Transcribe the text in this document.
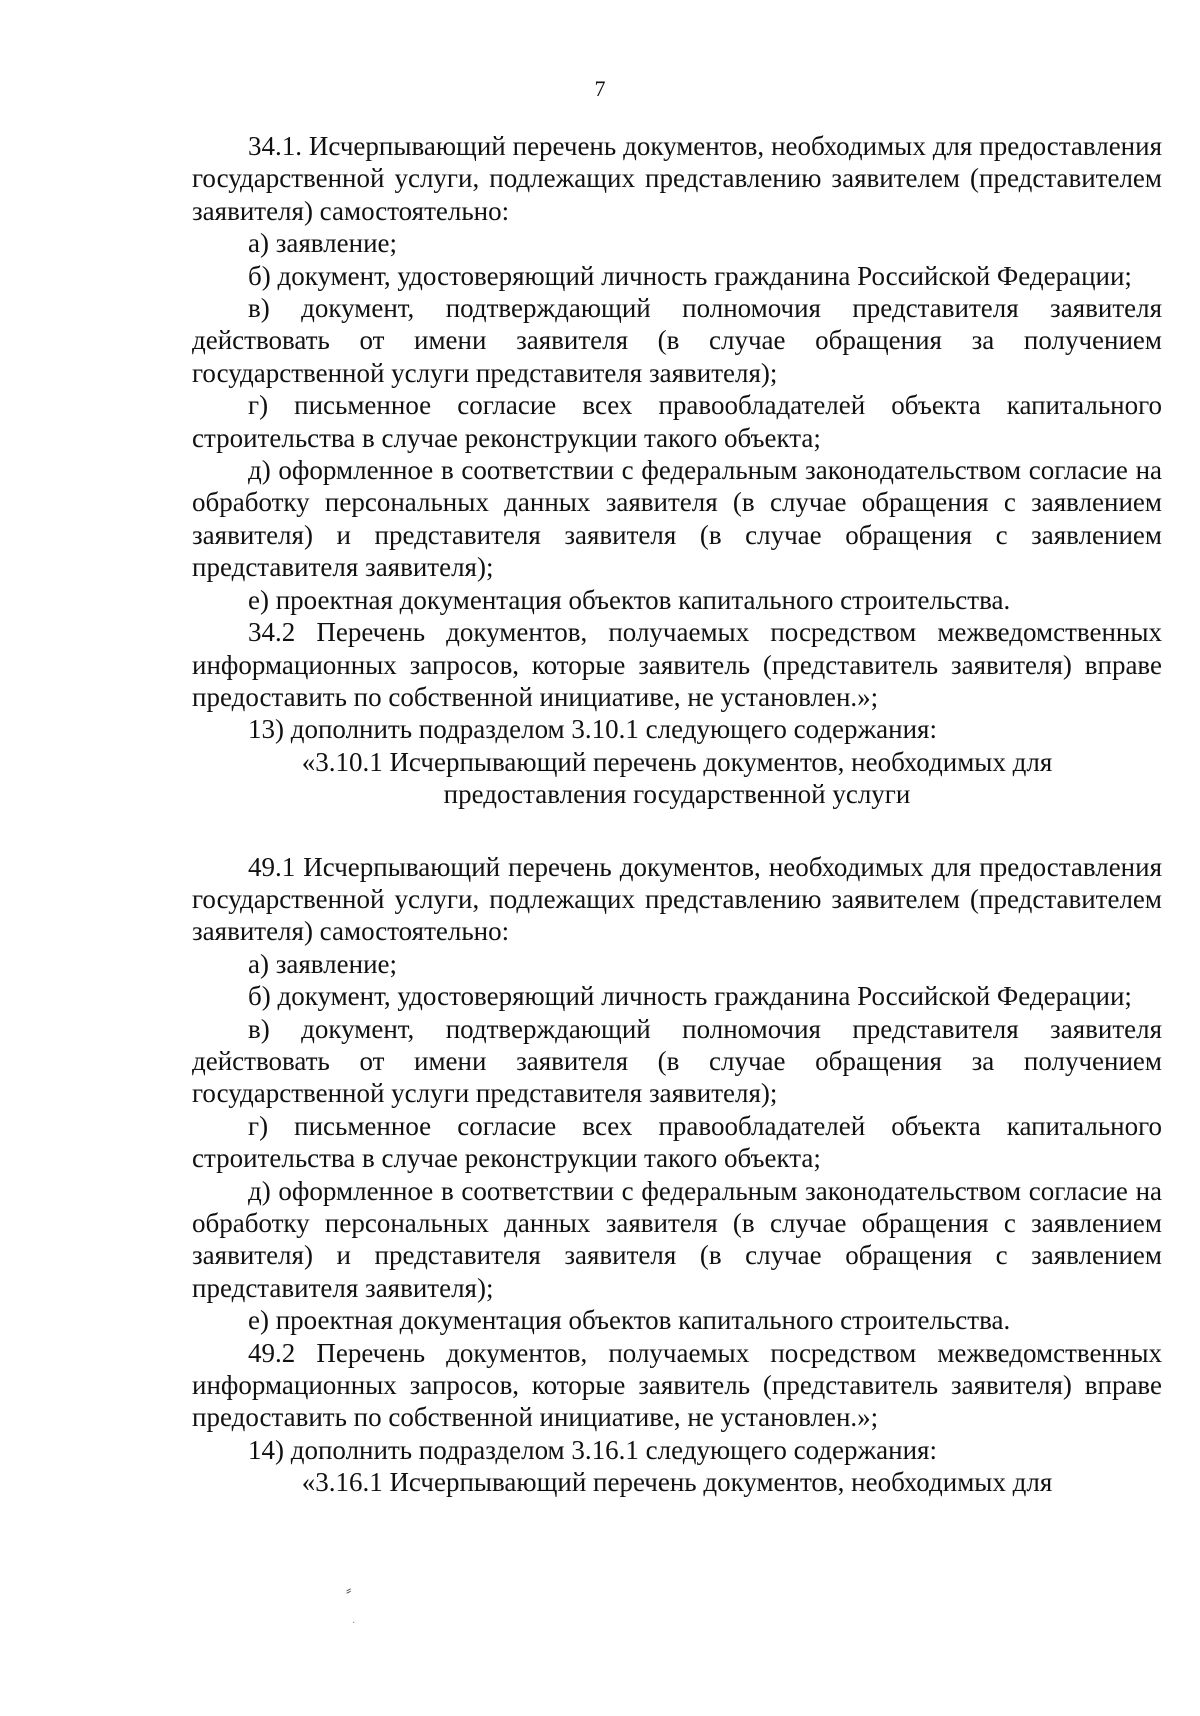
7

34.1. Исчерпывающий перечень документов, необходимых для предоставления государственной услуги, подлежащих представлению заявителем (представителем заявителя) самостоятельно:

а) заявление;

б) документ, удостоверяющий личность гражданина Российской Федерации;

в) документ, подтверждающий полномочия представителя заявителя действовать от имени заявителя (в случае обращения за получением государственной услуги представителя заявителя);

г) письменное согласие всех правообладателей объекта капитального строительства в случае реконструкции такого объекта;

д) оформленное в соответствии с федеральным законодательством согласие на обработку персональных данных заявителя (в случае обращения с заявлением заявителя) и представителя заявителя (в случае обращения с заявлением представителя заявителя);

е) проектная документация объектов капитального строительства.

34.2 Перечень документов, получаемых посредством межведомственных информационных запросов, которые заявитель (представитель заявителя) вправе предоставить по собственной инициативе, не установлен.»;

13) дополнить подразделом 3.10.1 следующего содержания:

«3.10.1 Исчерпывающий перечень документов, необходимых для предоставления государственной услуги

49.1 Исчерпывающий перечень документов, необходимых для предоставления государственной услуги, подлежащих представлению заявителем (представителем заявителя) самостоятельно:

а) заявление;

б) документ, удостоверяющий личность гражданина Российской Федерации;

в) документ, подтверждающий полномочия представителя заявителя действовать от имени заявителя (в случае обращения за получением государственной услуги представителя заявителя);

г) письменное согласие всех правообладателей объекта капитального строительства в случае реконструкции такого объекта;

д) оформленное в соответствии с федеральным законодательством согласие на обработку персональных данных заявителя (в случае обращения с заявлением заявителя) и представителя заявителя (в случае обращения с заявлением представителя заявителя);

е) проектная документация объектов капитального строительства.

49.2 Перечень документов, получаемых посредством межведомственных информационных запросов, которые заявитель (представитель заявителя) вправе предоставить по собственной инициативе, не установлен.»;

14) дополнить подразделом 3.16.1 следующего содержания:

«3.16.1 Исчерпывающий перечень документов, необходимых для

⸗
·
